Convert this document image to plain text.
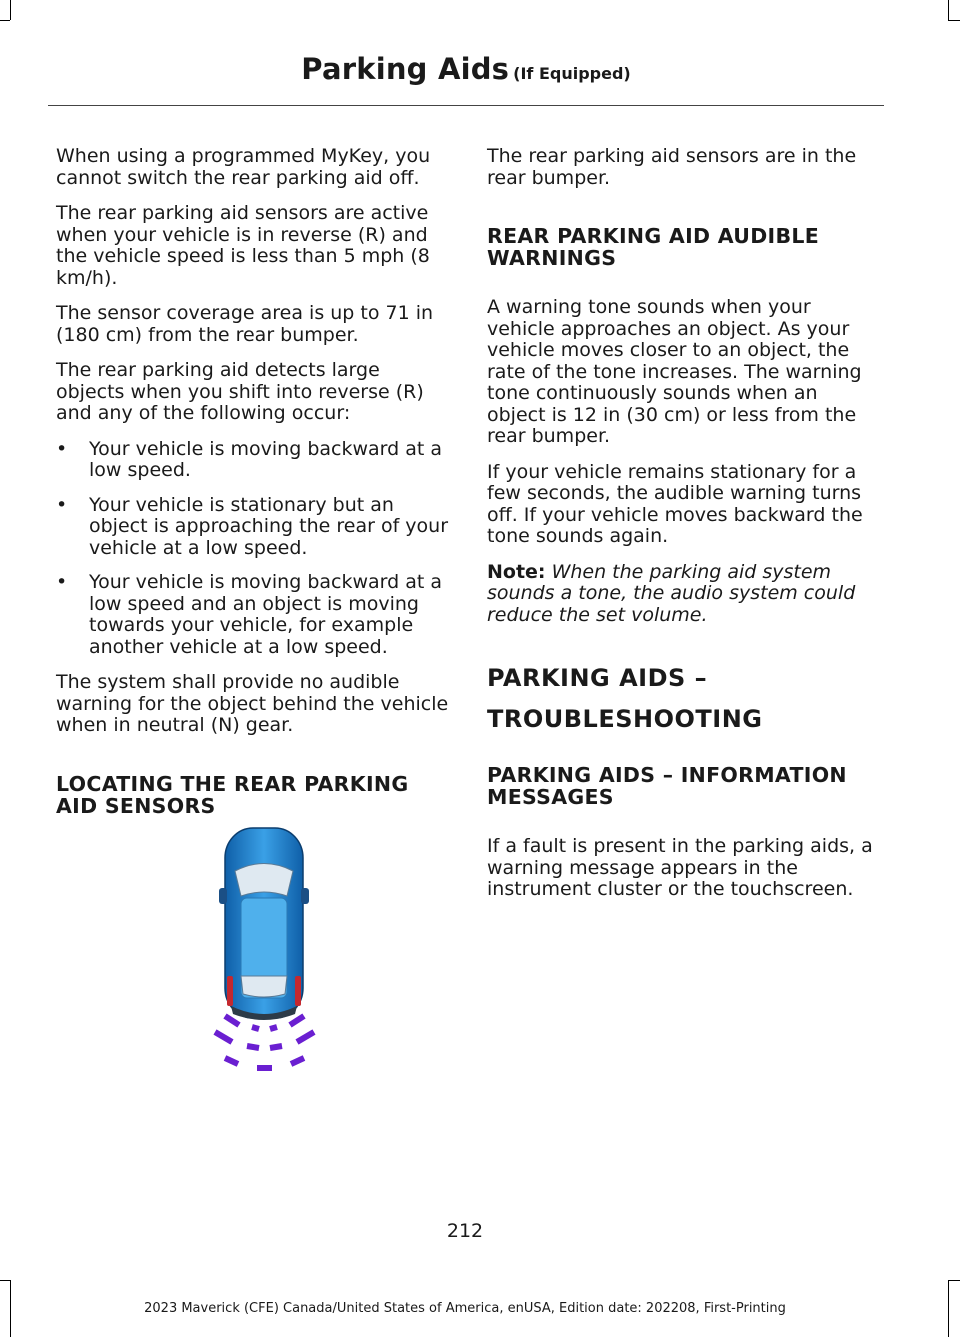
Parking Aids (If Equipped)

When using a programmed MyKey, you cannot switch the rear parking aid off.

The rear parking aid sensors are active when your vehicle is in reverse (R) and the vehicle speed is less than 5 mph (8 km/h).

The sensor coverage area is up to 71 in (180 cm) from the rear bumper.

The rear parking aid detects large objects when you shift into reverse (R) and any of the following occur:

• Your vehicle is moving backward at a low speed.
• Your vehicle is stationary but an object is approaching the rear of your vehicle at a low speed.
• Your vehicle is moving backward at a low speed and an object is moving towards your vehicle, for example another vehicle at a low speed.

The system shall provide no audible warning for the object behind the vehicle when in neutral (N) gear.

LOCATING THE REAR PARKING AID SENSORS

The rear parking aid sensors are in the rear bumper.

REAR PARKING AID AUDIBLE WARNINGS

A warning tone sounds when your vehicle approaches an object. As your vehicle moves closer to an object, the rate of the tone increases. The warning tone continuously sounds when an object is 12 in (30 cm) or less from the rear bumper.

If your vehicle remains stationary for a few seconds, the audible warning turns off. If your vehicle moves backward the tone sounds again.

Note: When the parking aid system sounds a tone, the audio system could reduce the set volume.

PARKING AIDS –
TROUBLESHOOTING
PARKING AIDS – INFORMATION MESSAGES

If a fault is present in the parking aids, a warning message appears in the instrument cluster or the touchscreen.

212
2023 Maverick (CFE) Canada/United States of America, enUSA, Edition date: 202208, First-Printing
